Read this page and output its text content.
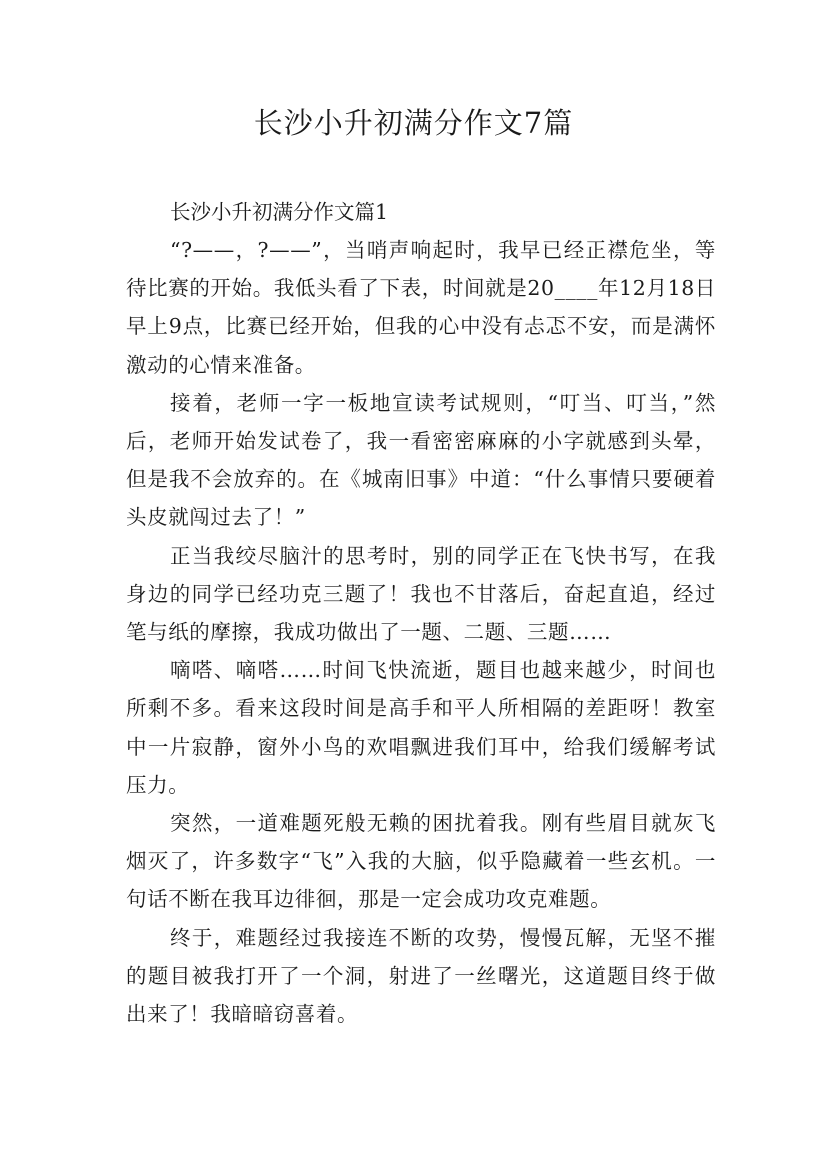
长沙小升初满分作文7篇

长沙小升初满分作文篇1

“?——，?——”，当哨声响起时，我早已经正襟危坐，等待比赛的开始。我低头看了下表，时间就是20____年12月18日早上9点，比赛已经开始，但我的心中没有忐忑不安，而是满怀激动的心情来准备。

接着，老师一字一板地宣读考试规则，“叮当、叮当，”然后，老师开始发试卷了，我一看密密麻麻的小字就感到头晕，但是我不会放弃的。在《城南旧事》中道：“什么事情只要硬着头皮就闯过去了！”

正当我绞尽脑汁的思考时，别的同学正在飞快书写，在我身边的同学已经功克三题了！我也不甘落后，奋起直追，经过笔与纸的摩擦，我成功做出了一题、二题、三题……

嘀嗒、嘀嗒……时间飞快流逝，题目也越来越少，时间也所剩不多。看来这段时间是高手和平人所相隔的差距呀！教室中一片寂静，窗外小鸟的欢唱飘进我们耳中，给我们缓解考试压力。

突然，一道难题死般无赖的困扰着我。刚有些眉目就灰飞烟灭了，许多数字“飞”入我的大脑，似乎隐藏着一些玄机。一句话不断在我耳边徘徊，那是一定会成功攻克难题。

终于，难题经过我接连不断的攻势，慢慢瓦解，无坚不摧的题目被我打开了一个洞，射进了一丝曙光，这道题目终于做出来了！我暗暗窃喜着。
